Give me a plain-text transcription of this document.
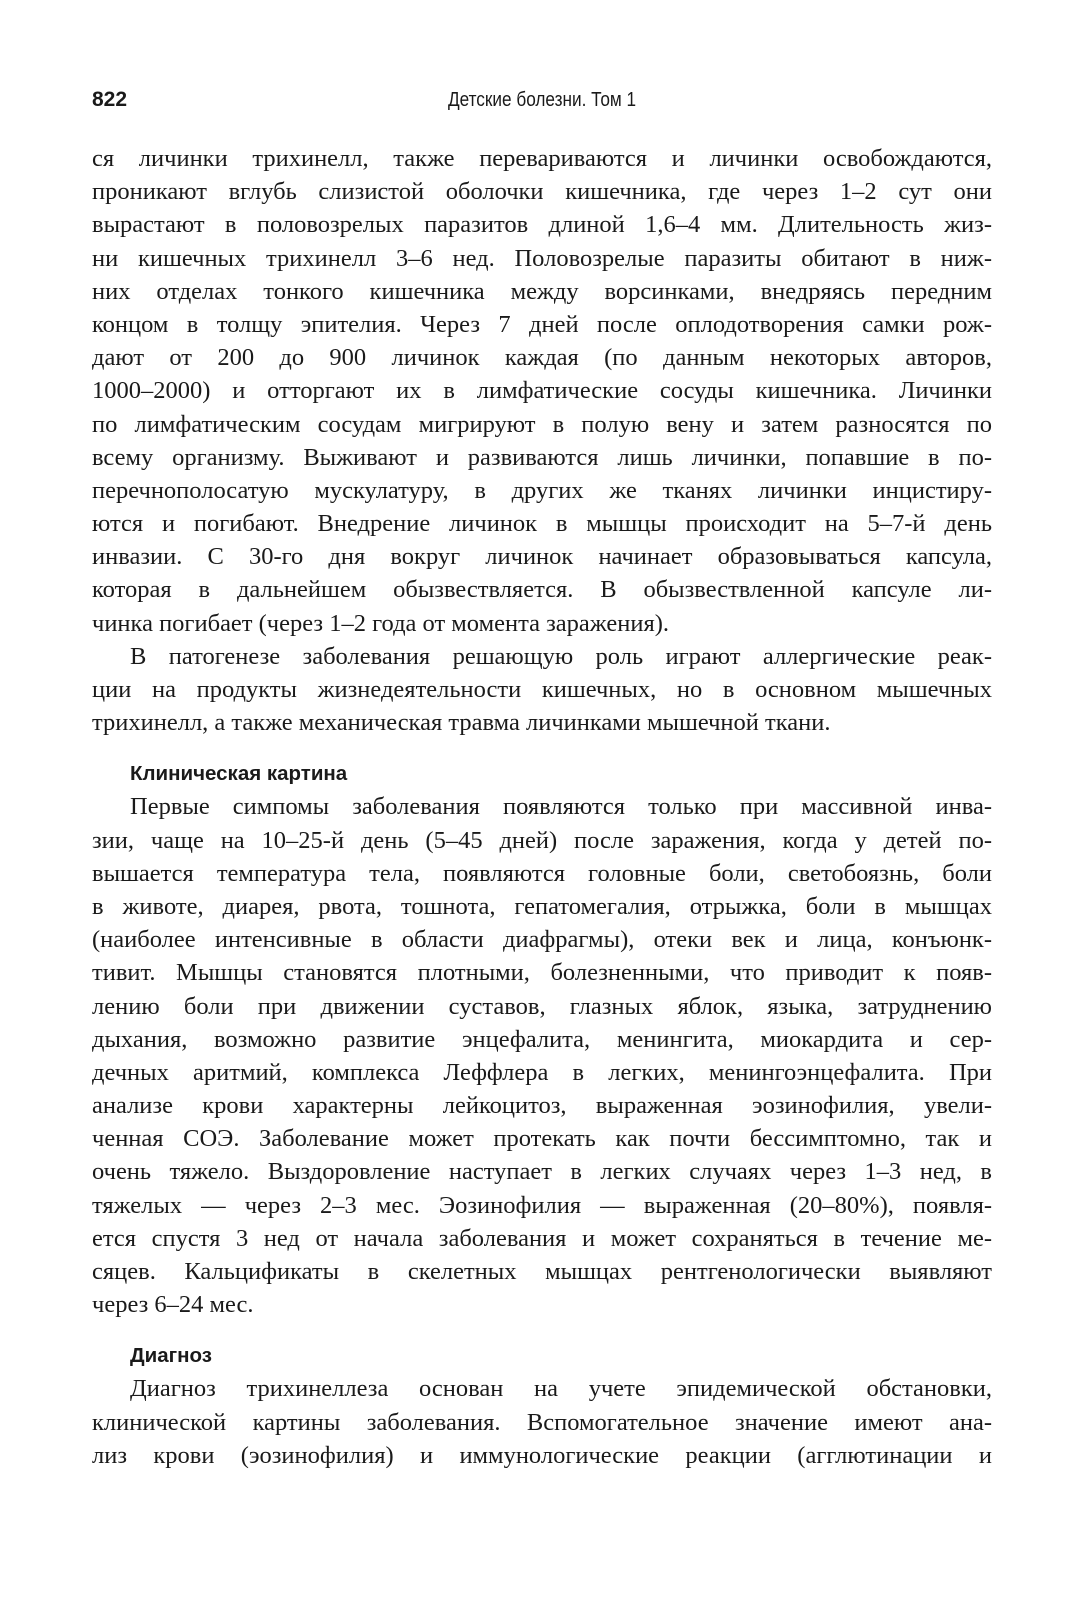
822	Детские болезни. Том 1
ся личинки трихинелл, также перевариваются и личинки освобождаются,
проникают вглубь слизистой оболочки кишечника, где через 1–2 сут они
вырастают в половозрелых паразитов длиной 1,6–4 мм. Длительность жиз-
ни кишечных трихинелл 3–6 нед. Половозрелые паразиты обитают в ниж-
них отделах тонкого кишечника между ворсинками, внедряясь передним
концом в толщу эпителия. Через 7 дней после оплодотворения самки рож-
дают от 200 до 900 личинок каждая (по данным некоторых авторов,
1000–2000) и отторгают их в лимфатические сосуды кишечника. Личинки
по лимфатическим сосудам мигрируют в полую вену и затем разносятся по
всему организму. Выживают и развиваются лишь личинки, попавшие в по-
перечнополосатую мускулатуру, в других же тканях личинки инцистиру-
ются и погибают. Внедрение личинок в мышцы происходит на 5–7-й день
инвазии. С 30-го дня вокруг личинок начинает образовываться капсула,
которая в дальнейшем обызвествляется. В обызвествленной капсуле ли-
чинка погибает (через 1–2 года от момента заражения).
В патогенезе заболевания решающую роль играют аллергические реак-
ции на продукты жизнедеятельности кишечных, но в основном мышечных
трихинелл, а также механическая травма личинками мышечной ткани.
Клиническая картина
Первые симпомы заболевания появляются только при массивной инва-
зии, чаще на 10–25-й день (5–45 дней) после заражения, когда у детей по-
вышается температура тела, появляются головные боли, светобоязнь, боли
в животе, диарея, рвота, тошнота, гепатомегалия, отрыжка, боли в мышцах
(наиболее интенсивные в области диафрагмы), отеки век и лица, конъюнк-
тивит. Мышцы становятся плотными, болезненными, что приводит к появ-
лению боли при движении суставов, глазных яблок, языка, затруднению
дыхания, возможно развитие энцефалита, менингита, миокардита и сер-
дечных аритмий, комплекса Леффлера в легких, менингоэнцефалита. При
анализе крови характерны лейкоцитоз, выраженная эозинофилия, увели-
ченная СОЭ. Заболевание может протекать как почти бессимптомно, так и
очень тяжело. Выздоровление наступает в легких случаях через 1–3 нед, в
тяжелых — через 2–3 мес. Эозинофилия — выраженная (20–80%), появля-
ется спустя 3 нед от начала заболевания и может сохраняться в течение ме-
сяцев. Кальцификаты в скелетных мышцах рентгенологически выявляют
через 6–24 мес.
Диагноз
Диагноз трихинеллеза основан на учете эпидемической обстановки,
клинической картины заболевания. Вспомогательное значение имеют ана-
лиз крови (эозинофилия) и иммунологические реакции (агглютинации и
